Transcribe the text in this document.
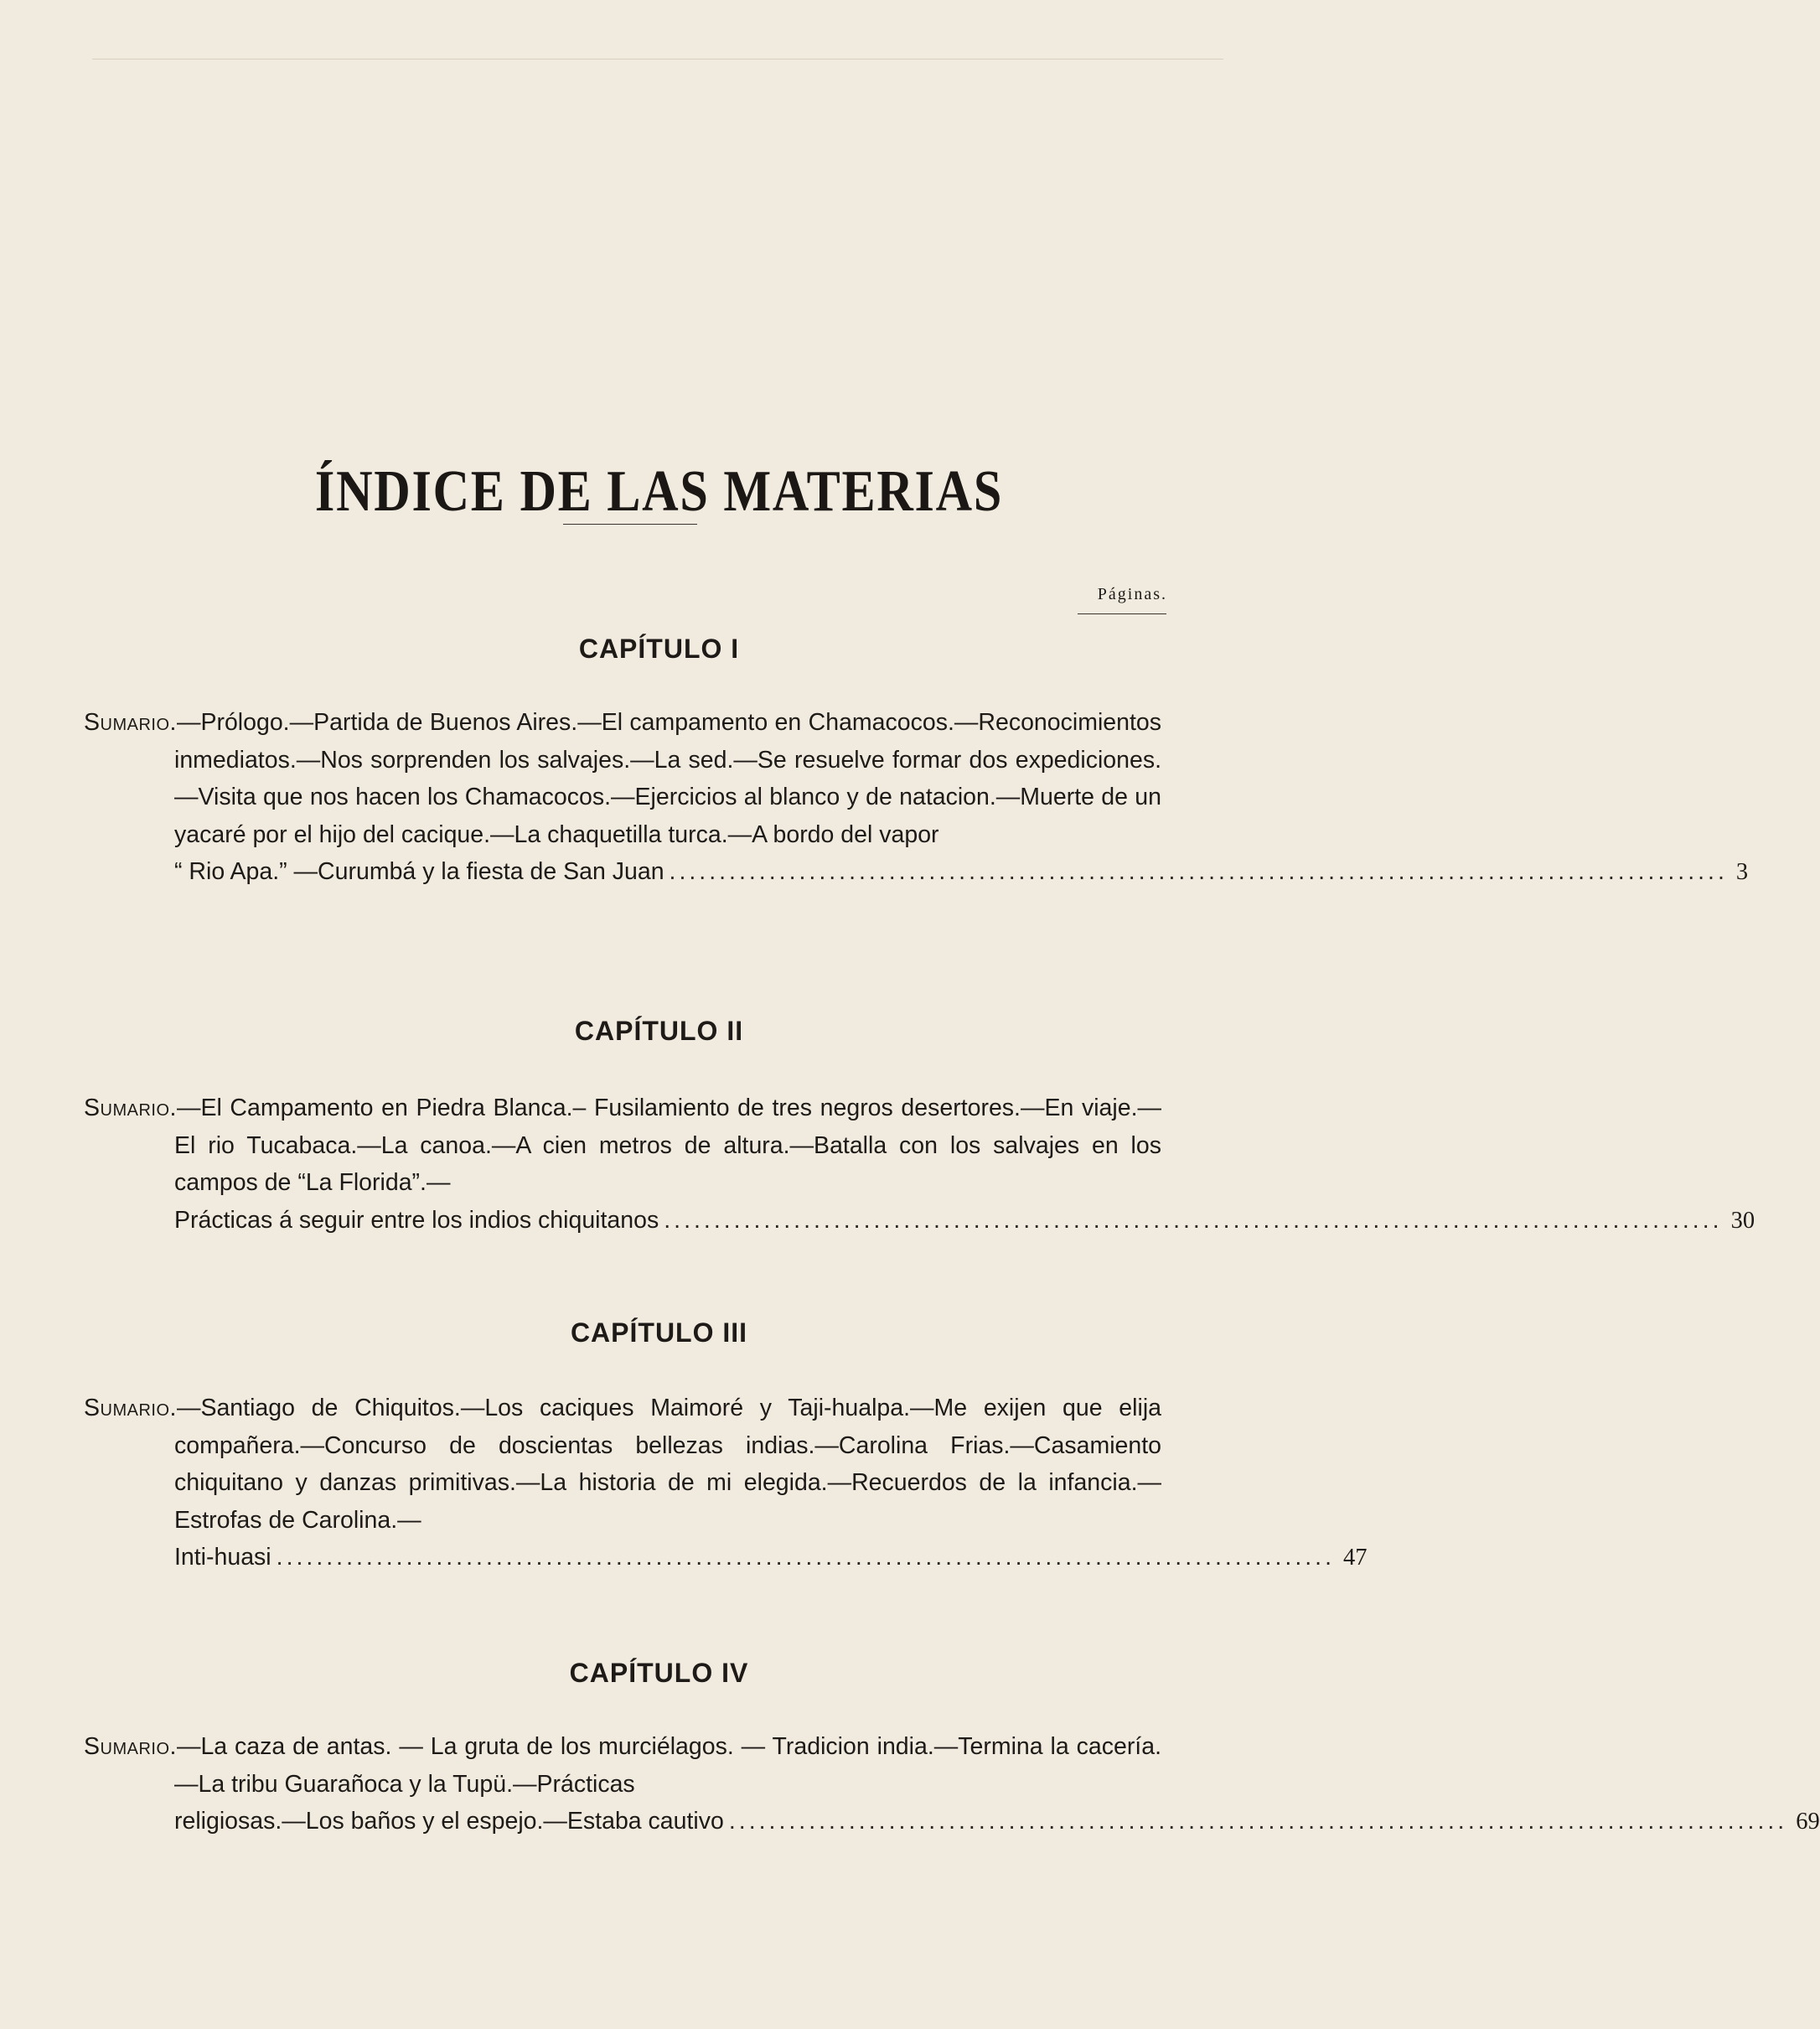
ÍNDICE DE LAS MATERIAS
Páginas.
CAPÍTULO I
Sumario.—Prólogo.—Partida de Buenos Aires.—El campamento en Chamacocos.—Reconocimientos inmediatos.—Nos sorprenden los salvajes.—La sed.—Se resuelve formar dos expediciones.—Visita que nos hacen los Chamacocos.—Ejercicios al blanco y de natacion.—Muerte de un yacaré por el hijo del cacique.—La chaquetilla turca.—A bordo del vapor
“ Rio Apa.” —Curumbá y la fiesta de San Juan .......................................................................................................... 3
CAPÍTULO II
Sumario.—El Campamento en Piedra Blanca.– Fusilamiento de tres negros desertores.—En viaje.—El rio Tucabaca.—La canoa.—A cien metros de altura.—Batalla con los salvajes en los campos de “La Florida”.—
Prácticas á seguir entre los indios chiquitanos .......................................................................................................... 30
CAPÍTULO III
Sumario.—Santiago de Chiquitos.—Los caciques Maimoré y Taji-hualpa.—Me exijen que elija compañera.—Concurso de doscientas bellezas indias.—Carolina Frias.—Casamiento chiquitano y danzas primitivas.—La historia de mi elegida.—Recuerdos de la infancia.—Estrofas de Carolina.—
Inti-huasi .......................................................................................................... 47
CAPÍTULO IV
Sumario.—La caza de antas. — La gruta de los murciélagos. — Tradicion india.—Termina la cacería.—La tribu Guarañoca y la Tupü.—Prácticas
religiosas.—Los baños y el espejo.—Estaba cautivo .......................................................................................................... 69
